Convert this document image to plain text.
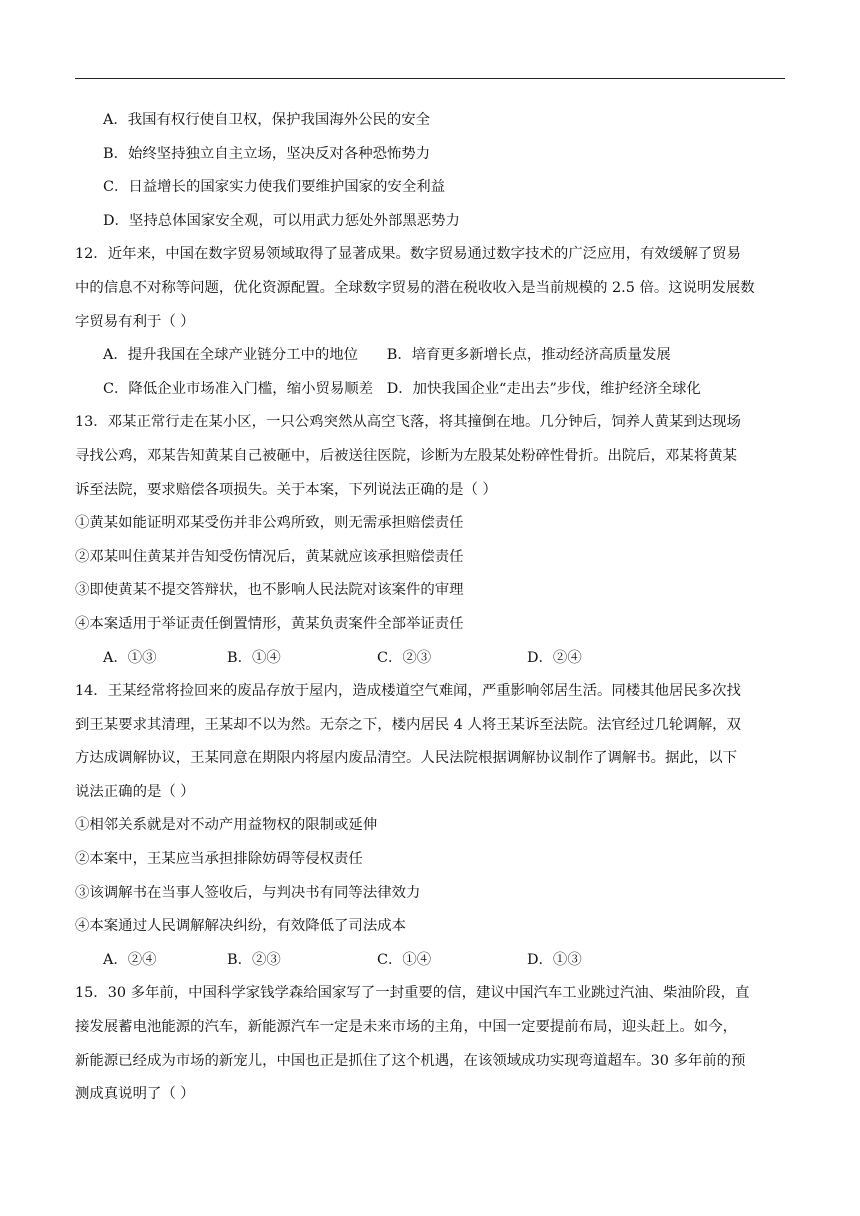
A．我国有权行使自卫权，保护我国海外公民的安全
B．始终坚持独立自主立场，坚决反对各种恐怖势力
C．日益增长的国家实力使我们要维护国家的安全利益
D．坚持总体国家安全观，可以用武力惩处外部黑恶势力
12．近年来，中国在数字贸易领域取得了显著成果。数字贸易通过数字技术的广泛应用，有效缓解了贸易
中的信息不对称等问题，优化资源配置。全球数字贸易的潜在税收收入是当前规模的 2.5 倍。这说明发展数
字贸易有利于（ ）
A．提升我国在全球产业链分工中的地位	B．培育更多新增长点，推动经济高质量发展
C．降低企业市场准入门槛，缩小贸易顺差 D．加快我国企业“走出去”步伐，维护经济全球化
13．邓某正常行走在某小区，一只公鸡突然从高空飞落，将其撞倒在地。几分钟后，饲养人黄某到达现场
寻找公鸡，邓某告知黄某自己被砸中，后被送往医院，诊断为左股某处粉碎性骨折。出院后，邓某将黄某
诉至法院，要求赔偿各项损失。关于本案，下列说法正确的是（ ）
①黄某如能证明邓某受伤并非公鸡所致，则无需承担赔偿责任
②邓某叫住黄某并告知受伤情况后，黄某就应该承担赔偿责任
③即使黄某不提交答辩状，也不影响人民法院对该案件的审理
④本案适用于举证责任倒置情形，黄某负责案件全部举证责任
A．①③	B．①④	C．②③	D．②④
14．王某经常将捡回来的废品存放于屋内，造成楼道空气难闻，严重影响邻居生活。同楼其他居民多次找
到王某要求其清理，王某却不以为然。无奈之下，楼内居民 4 人将王某诉至法院。法官经过几轮调解，双
方达成调解协议，王某同意在期限内将屋内废品清空。人民法院根据调解协议制作了调解书。据此，以下
说法正确的是（ ）
①相邻关系就是对不动产用益物权的限制或延伸
②本案中，王某应当承担排除妨碍等侵权责任
③该调解书在当事人签收后，与判决书有同等法律效力
④本案通过人民调解解决纠纷，有效降低了司法成本
A．②④	B．②③	C．①④	D．①③
15．30 多年前，中国科学家钱学森给国家写了一封重要的信，建议中国汽车工业跳过汽油、柴油阶段，直
接发展蓄电池能源的汽车，新能源汽车一定是未来市场的主角，中国一定要提前布局，迎头赶上。如今，
新能源已经成为市场的新宠儿，中国也正是抓住了这个机遇，在该领域成功实现弯道超车。30 多年前的预
测成真说明了（ ）
